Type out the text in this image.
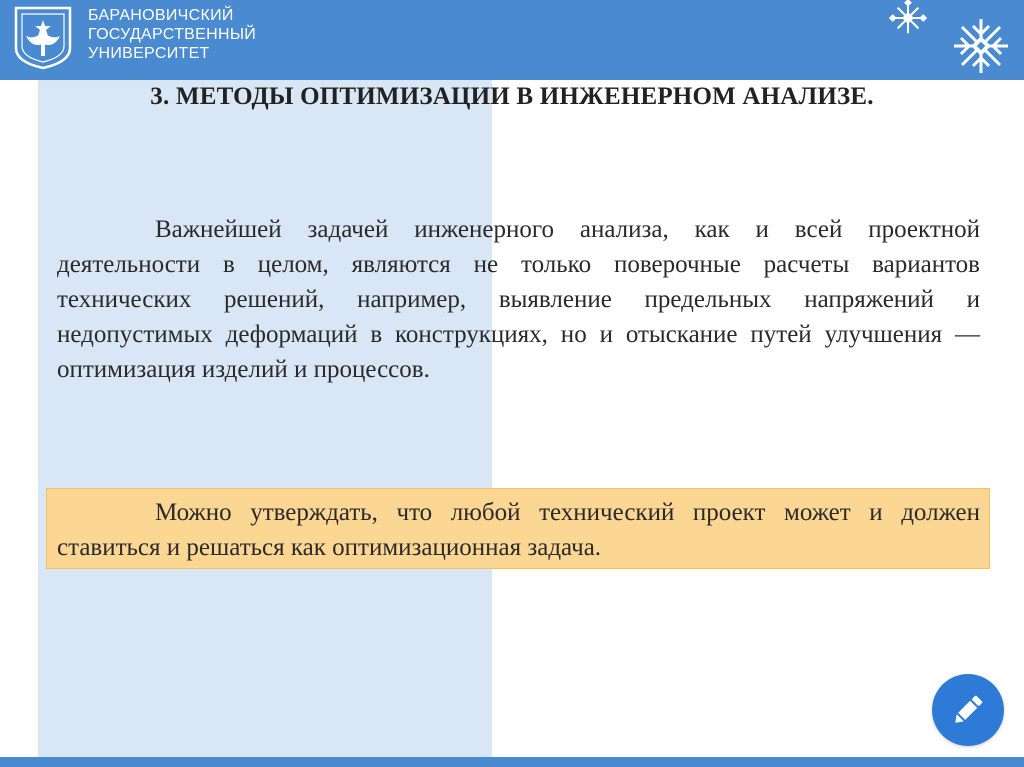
БАРАНОВИЧСКИЙ
ГОСУДАРСТВЕННЫЙ
УНИВЕРСИТЕТ
3. МЕТОДЫ ОПТИМИЗАЦИИ В ИНЖЕНЕРНОМ АНАЛИЗЕ.
Важнейшей задачей инженерного анализа, как и всей проектной деятельности в целом, являются не только поверочные расчеты вариантов технических решений, например, выявление предельных напряжений и недопустимых деформаций в конструкциях, но и отыскание путей улучшения — оптимизация изделий и процессов.

Можно утверждать, что любой технический проект может и должен ставиться и решаться как оптимизационная задача.
